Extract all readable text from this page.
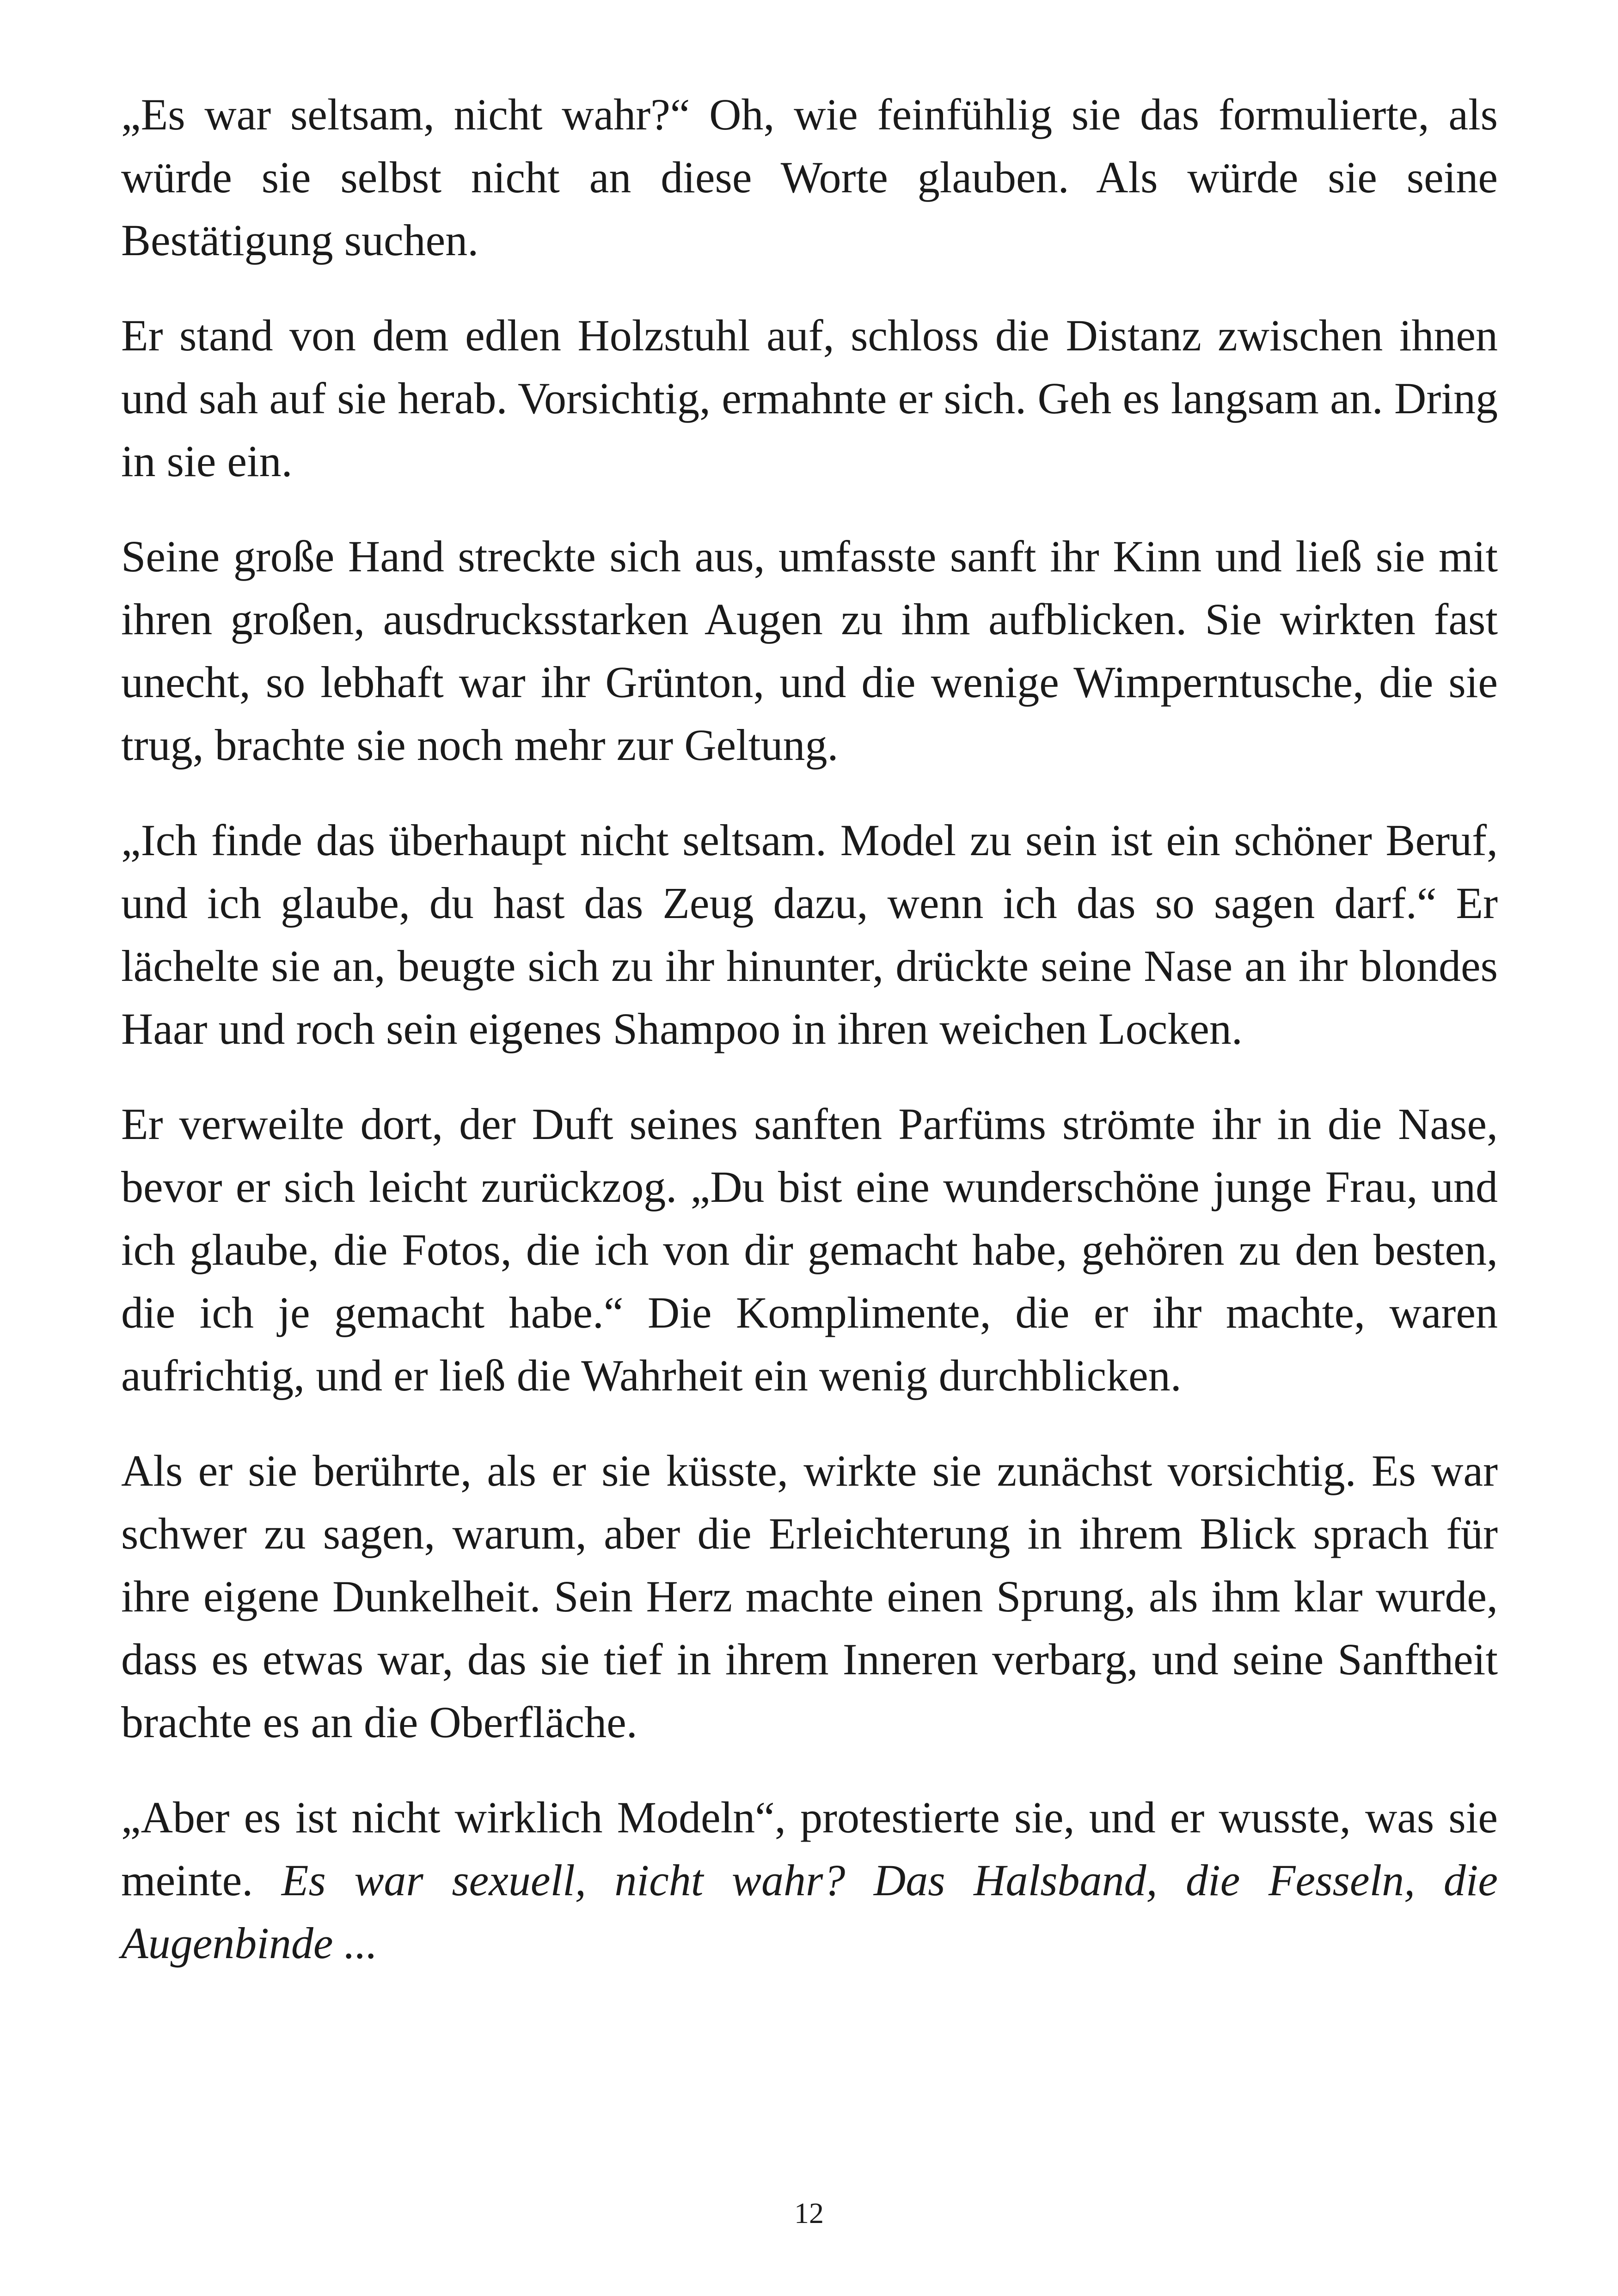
„Es war seltsam, nicht wahr?“ Oh, wie feinfühlig sie das formulierte, als würde sie selbst nicht an diese Worte glauben. Als würde sie seine Bestätigung suchen.

Er stand von dem edlen Holzstuhl auf, schloss die Distanz zwischen ihnen und sah auf sie herab. Vorsichtig, ermahnte er sich. Geh es langsam an. Dring in sie ein.

Seine große Hand streckte sich aus, umfasste sanft ihr Kinn und ließ sie mit ihren großen, ausdrucksstarken Augen zu ihm aufblicken. Sie wirkten fast unecht, so lebhaft war ihr Grünton, und die wenige Wimperntusche, die sie trug, brachte sie noch mehr zur Geltung.

„Ich finde das überhaupt nicht seltsam. Model zu sein ist ein schöner Beruf, und ich glaube, du hast das Zeug dazu, wenn ich das so sagen darf.“ Er lächelte sie an, beugte sich zu ihr hinunter, drückte seine Nase an ihr blondes Haar und roch sein eigenes Shampoo in ihren weichen Locken.

Er verweilte dort, der Duft seines sanften Parfüms strömte ihr in die Nase, bevor er sich leicht zurückzog. „Du bist eine wunderschöne junge Frau, und ich glaube, die Fotos, die ich von dir gemacht habe, gehören zu den besten, die ich je gemacht habe.“ Die Komplimente, die er ihr machte, waren aufrichtig, und er ließ die Wahrheit ein wenig durchblicken.

Als er sie berührte, als er sie küsste, wirkte sie zunächst vorsichtig. Es war schwer zu sagen, warum, aber die Erleichterung in ihrem Blick sprach für ihre eigene Dunkelheit. Sein Herz machte einen Sprung, als ihm klar wurde, dass es etwas war, das sie tief in ihrem Inneren verbarg, und seine Sanftheit brachte es an die Oberfläche.

„Aber es ist nicht wirklich Modeln“, protestierte sie, und er wusste, was sie meinte. Es war sexuell, nicht wahr? Das Halsband, die Fesseln, die Augenbinde ...

12
